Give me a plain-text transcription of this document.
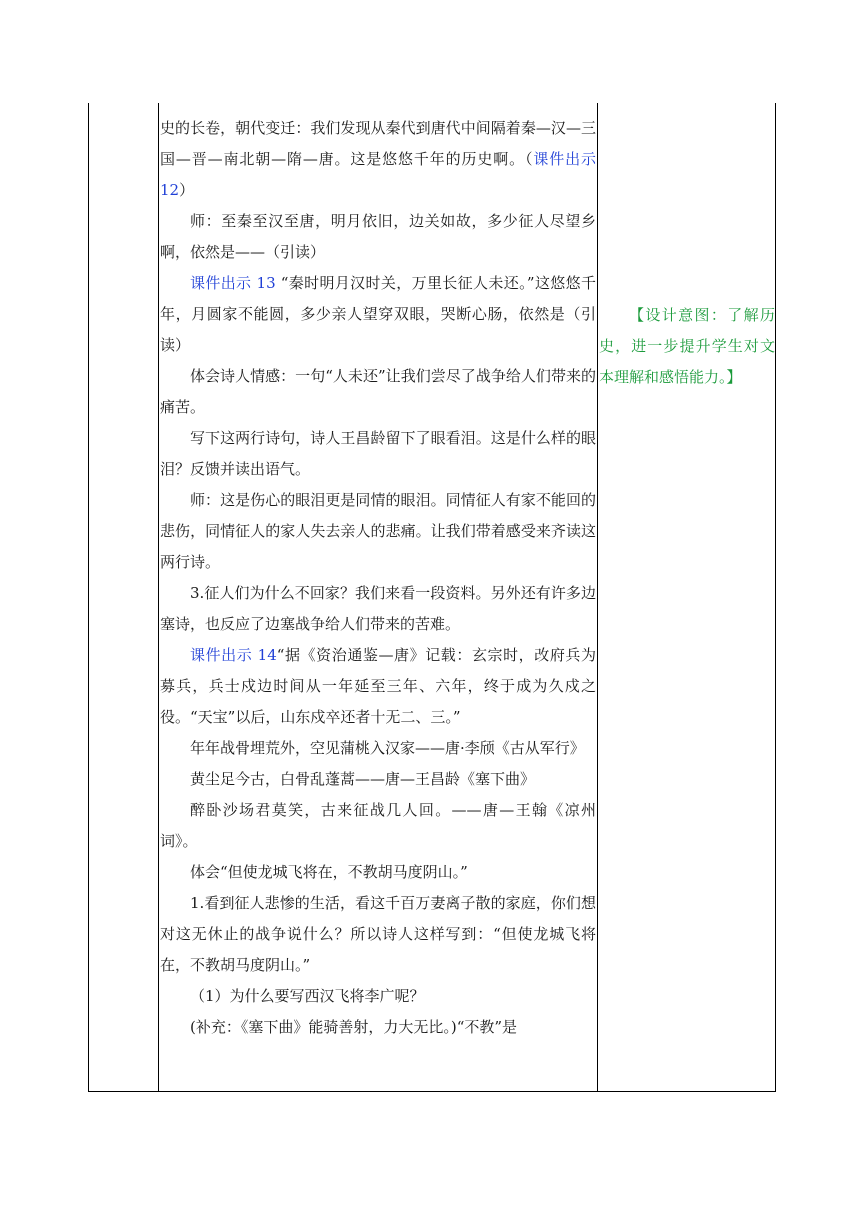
史的长卷，朝代变迁：我们发现从秦代到唐代中间隔着秦—汉—三国—晋—南北朝—隋—唐。这是悠悠千年的历史啊。（课件出示 12）

师：至秦至汉至唐，明月依旧，边关如故，多少征人尽望乡啊，依然是——（引读）

课件出示 13 “秦时明月汉时关，万里长征人未还。”这悠悠千年，月圆家不能圆，多少亲人望穿双眼，哭断心肠，依然是（引读）

体会诗人情感：一句“人未还”让我们尝尽了战争给人们带来的痛苦。

写下这两行诗句，诗人王昌龄留下了眼看泪。这是什么样的眼泪？反馈并读出语气。

师：这是伤心的眼泪更是同情的眼泪。同情征人有家不能回的悲伤，同情征人的家人失去亲人的悲痛。让我们带着感受来齐读这两行诗。

3.征人们为什么不回家？我们来看一段资料。另外还有许多边塞诗，也反应了边塞战争给人们带来的苦难。

课件出示 14“据《资治通鉴—唐》记载：玄宗时，改府兵为募兵，兵士戍边时间从一年延至三年、六年，终于成为久戍之役。“天宝”以后，山东戍卒还者十无二、三。”

年年战骨埋荒外，空见蒲桃入汉家——唐·李颀《古从军行》

黄尘足今古，白骨乱蓬蒿——唐—王昌龄《塞下曲》

醉卧沙场君莫笑，古来征战几人回。——唐—王翰《凉州词》。

体会“但使龙城飞将在，不教胡马度阴山。”

1.看到征人悲惨的生活，看这千百万妻离子散的家庭，你们想对这无休止的战争说什么？所以诗人这样写到：“但使龙城飞将在，不教胡马度阴山。”

（1）为什么要写西汉飞将李广呢？

(补充：《塞下曲》能骑善射，力大无比。)“不教”是

【设计意图：了解历史，进一步提升学生对文本理解和感悟能力。】
